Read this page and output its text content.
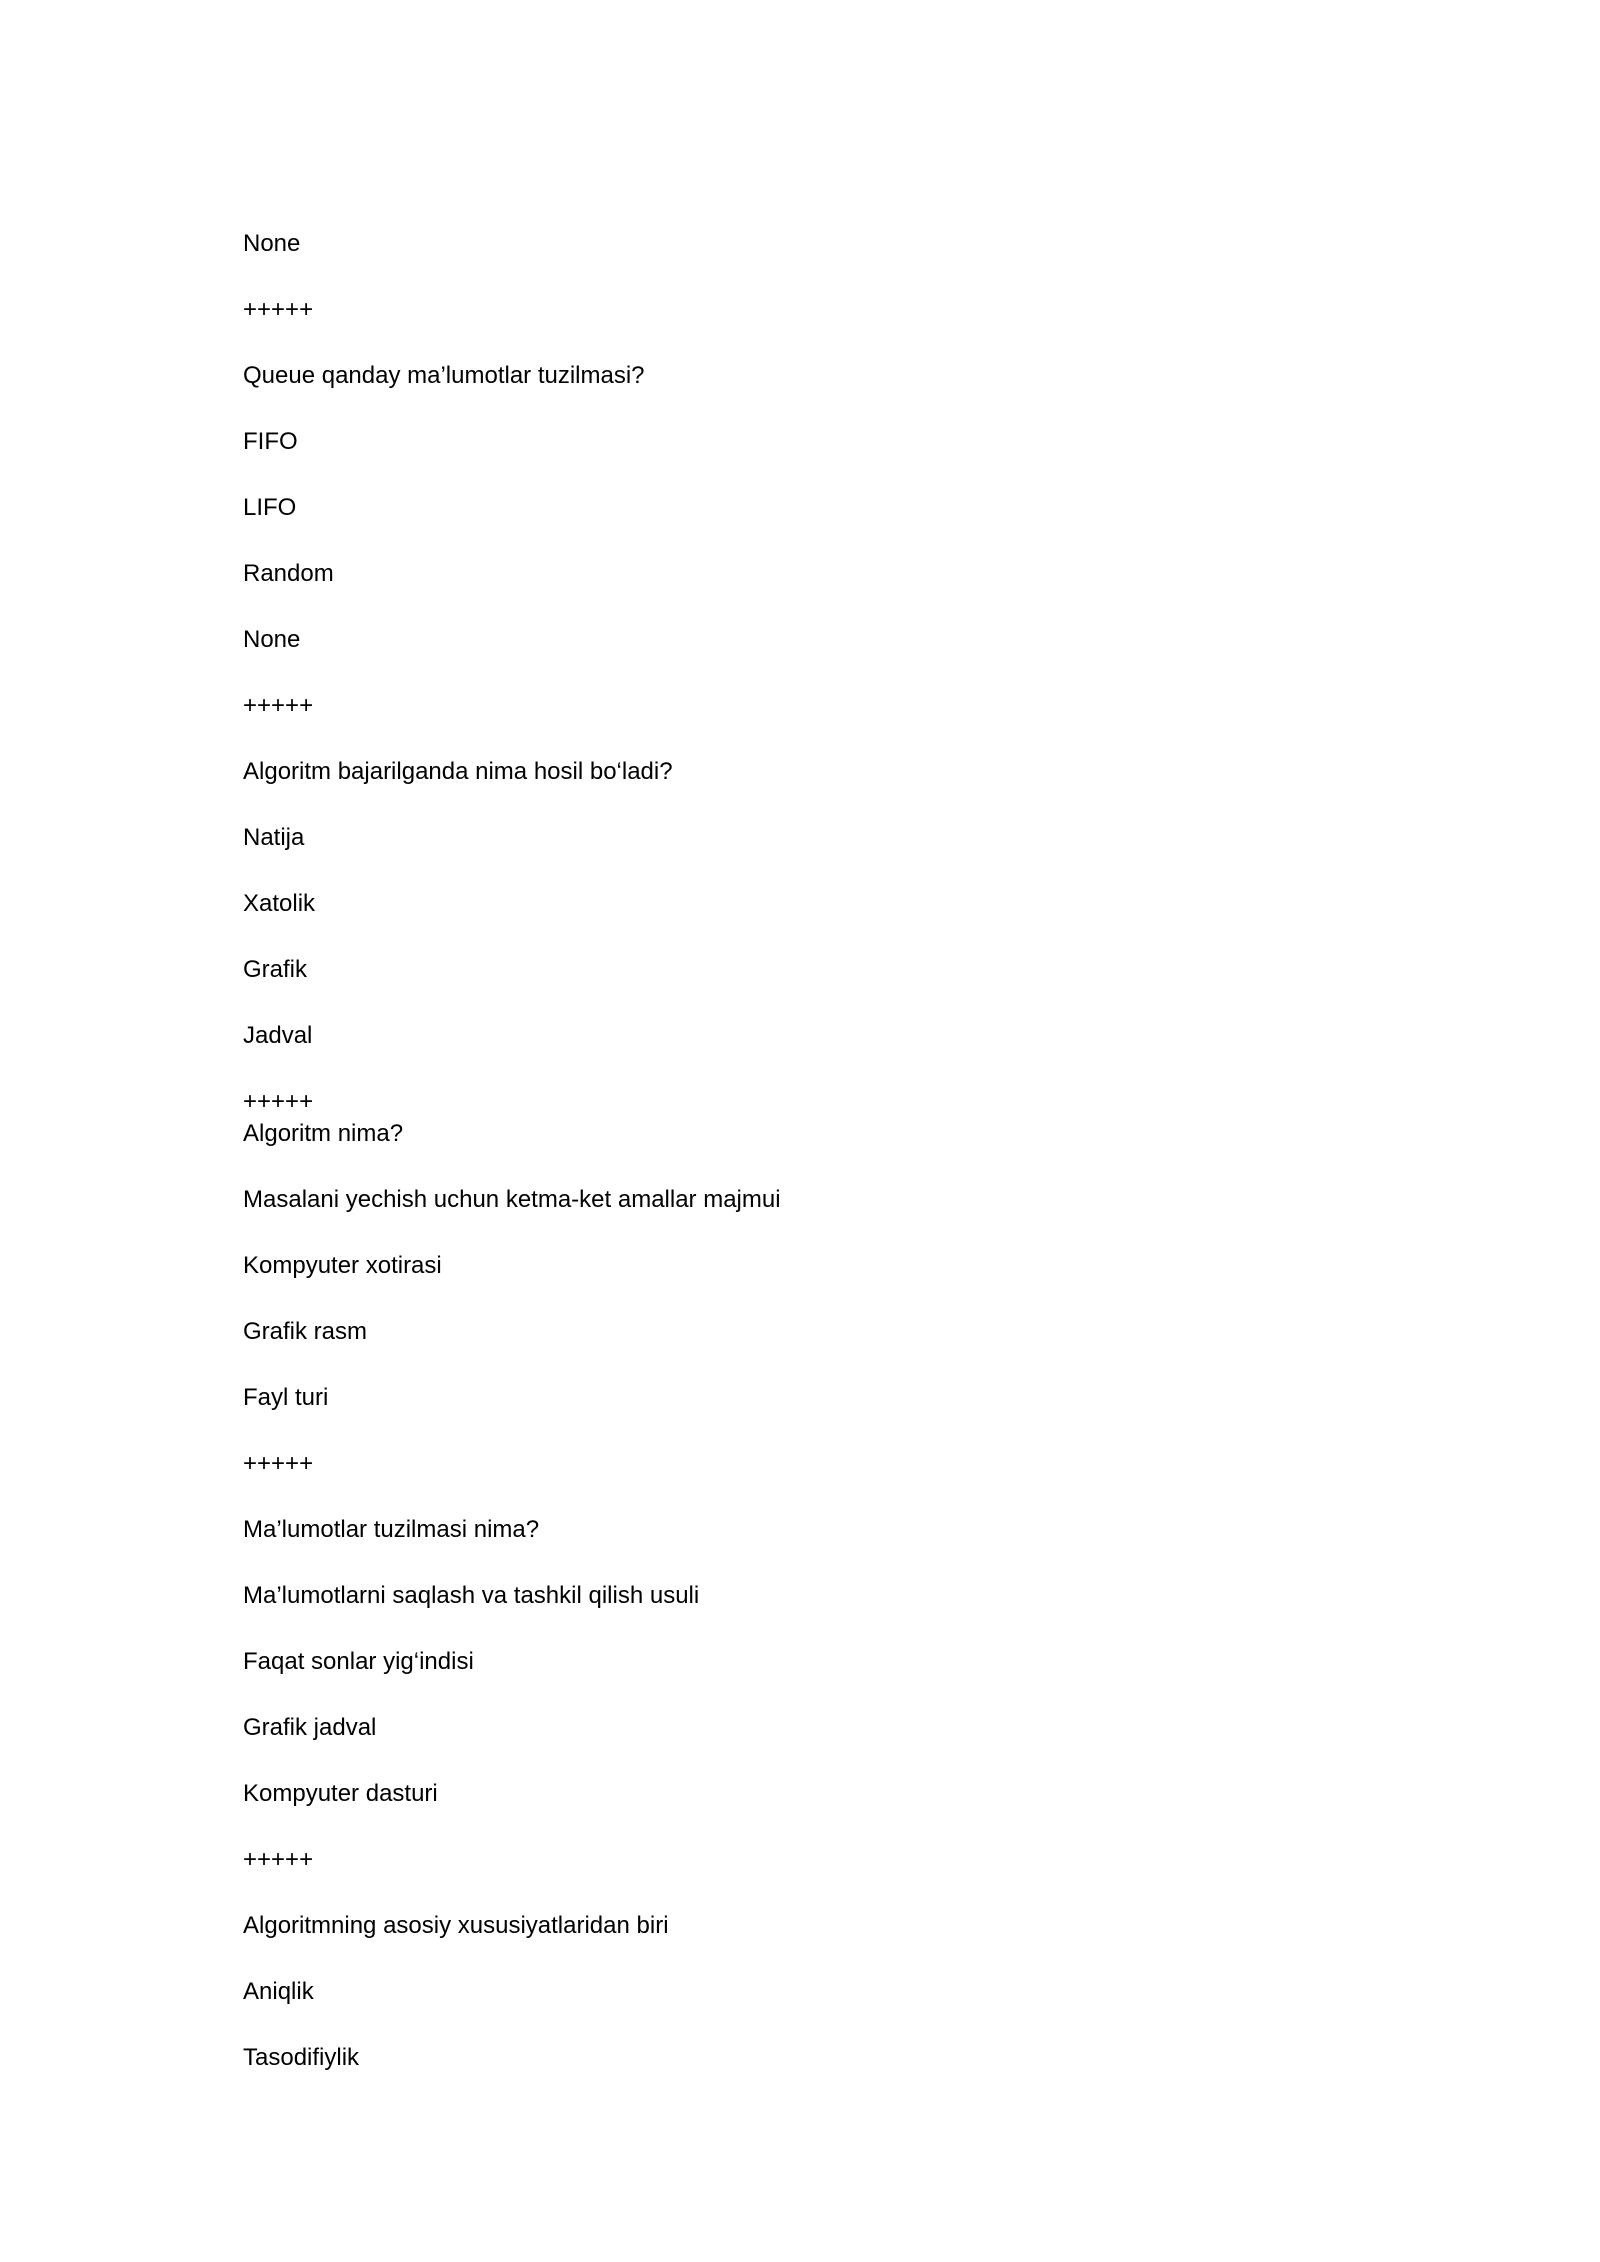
None
+++++
Queue qanday ma’lumotlar tuzilmasi?
FIFO
LIFO
Random
None
+++++
Algoritm bajarilganda nima hosil bo‘ladi?
Natija
Xatolik
Grafik
Jadval
+++++
Algoritm nima?
Masalani yechish uchun ketma-ket amallar majmui
Kompyuter xotirasi
Grafik rasm
Fayl turi
+++++
Ma’lumotlar tuzilmasi nima?
Ma’lumotlarni saqlash va tashkil qilish usuli
Faqat sonlar yig‘indisi
Grafik jadval
Kompyuter dasturi
+++++
Algoritmning asosiy xususiyatlaridan biri
Aniqlik
Tasodifiylik
